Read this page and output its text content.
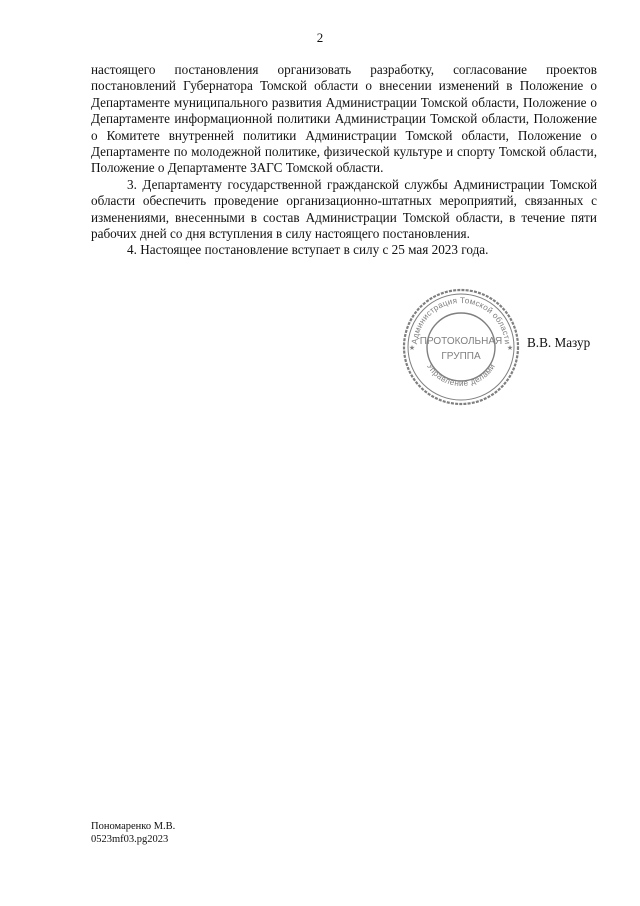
2

настоящего постановления организовать разработку, согласование проектов постановлений Губернатора Томской области о внесении изменений в Положение о Департаменте муниципального развития Администрации Томской области, Положение о Департаменте информационной политики Администрации Томской области, Положение о Комитете внутренней политики Администрации Томской области, Положение о Департаменте по молодежной политике, физической культуре и спорту Томской области, Положение о Департаменте ЗАГС Томской области.

3. Департаменту государственной гражданской службы Администрации Томской области обеспечить проведение организационно-штатных мероприятий, связанных с изменениями, внесенными в состав Администрации Томской области, в течение пяти рабочих дней со дня вступления в силу настоящего постановления.

4. Настоящее постановление вступает в силу с 25 мая 2023 года.

Администрация Томской области
Управление делами
ПРОТОКОЛЬНАЯ
ГРУППА
★	★ В.В. Мазур
Пономаренко М.В.
0523mf03.pg2023
